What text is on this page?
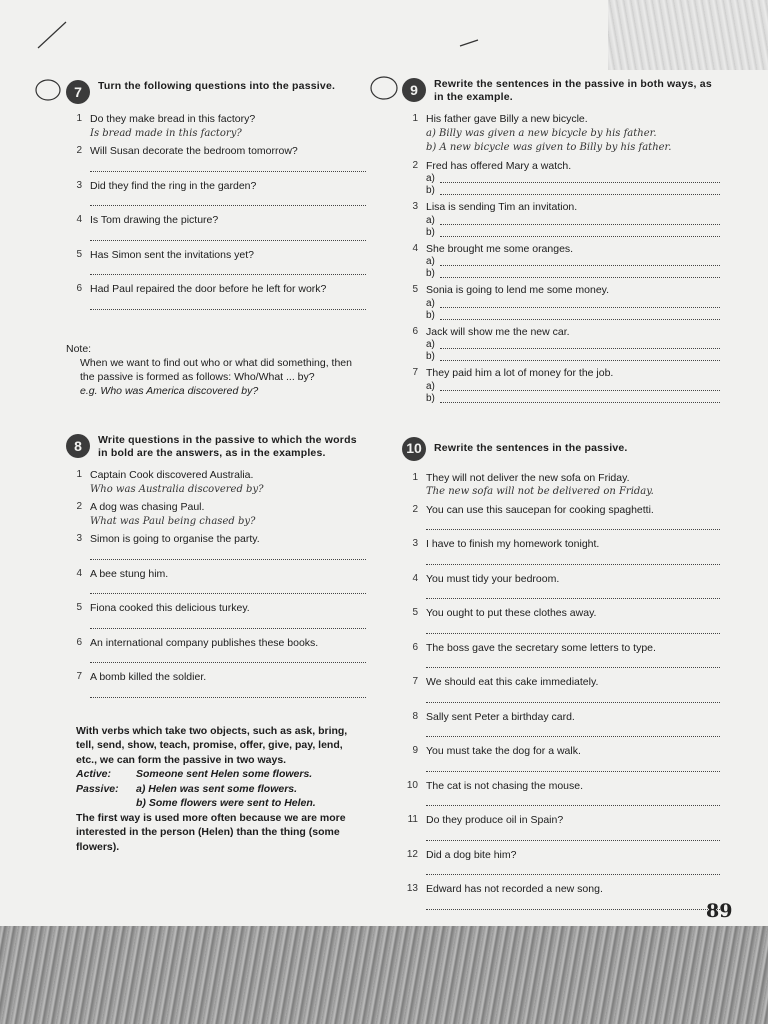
7	Turn the following questions into the passive.
1 Do they make bread in this factory?
Is bread made in this factory?
2 Will Susan decorate the bedroom tomorrow?
3 Did they find the ring in the garden?
4 Is Tom drawing the picture?
5 Has Simon sent the invitations yet?
6 Had Paul repaired the door before he left for work?
Note:
When we want to find out who or what did something, then the passive is formed as follows: Who/What ... by?
e.g. Who was America discovered by?
8	Write questions in the passive to which the words in bold are the answers, as in the examples.
1 Captain Cook discovered Australia.
Who was Australia discovered by?
2 A dog was chasing Paul.
What was Paul being chased by?
3 Simon is going to organise the party.
4 A bee stung him.
5 Fiona cooked this delicious turkey.
6 An international company publishes these books.
7 A bomb killed the soldier.
With verbs which take two objects, such as ask, bring, tell, send, show, teach, promise, offer, give, pay, lend, etc., we can form the passive in two ways.
Active: Someone sent Helen some flowers.
Passive: a) Helen was sent some flowers.
b) Some flowers were sent to Helen.
The first way is used more often because we are more interested in the person (Helen) than the thing (some flowers).
9	Rewrite the sentences in the passive in both ways, as in the example.
1 His father gave Billy a new bicycle.
a) Billy was given a new bicycle by his father.
b) A new bicycle was given to Billy by his father.
2 Fred has offered Mary a watch.
a)
b)
3 Lisa is sending Tim an invitation.
a)
b)
4 She brought me some oranges.
a)
b)
5 Sonia is going to lend me some money.
a)
b)
6 Jack will show me the new car.
a)
b)
7 They paid him a lot of money for the job.
a)
b)
10	Rewrite the sentences in the passive.
1 They will not deliver the new sofa on Friday.
The new sofa will not be delivered on Friday.
2 You can use this saucepan for cooking spaghetti.
3 I have to finish my homework tonight.
4 You must tidy your bedroom.
5 You ought to put these clothes away.
6 The boss gave the secretary some letters to type.
7 We should eat this cake immediately.
8 Sally sent Peter a birthday card.
9 You must take the dog for a walk.
10 The cat is not chasing the mouse.
11 Do they produce oil in Spain?
12 Did a dog bite him?
13 Edward has not recorded a new song.
89
